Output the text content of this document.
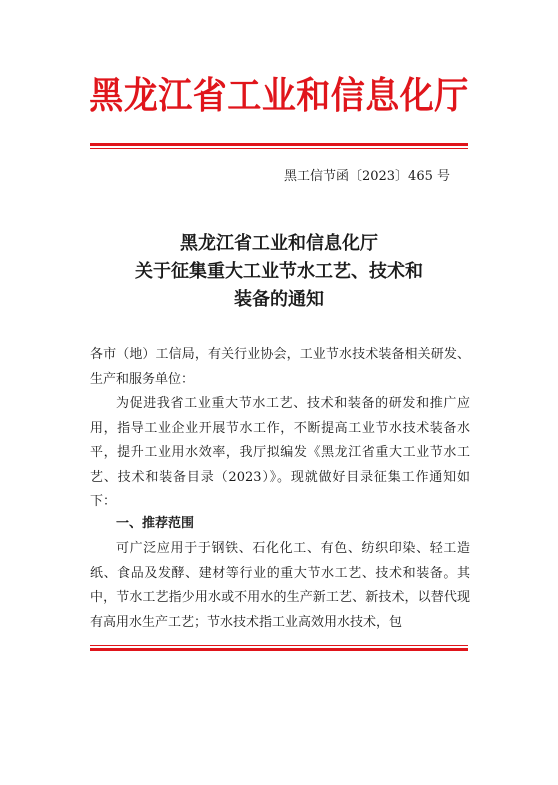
黑龙江省工业和信息化厅
黑工信节函〔2023〕465 号
黑龙江省工业和信息化厅
关于征集重大工业节水工艺、技术和
装备的通知
各市（地）工信局，有关行业协会，工业节水技术装备相关研发、生产和服务单位：
为促进我省工业重大节水工艺、技术和装备的研发和推广应用，指导工业企业开展节水工作，不断提高工业节水技术装备水平，提升工业用水效率，我厅拟编发《黑龙江省重大工业节水工艺、技术和装备目录（2023）》。现就做好目录征集工作通知如下：
一、推荐范围
可广泛应用于于钢铁、石化化工、有色、纺织印染、轻工造纸、食品及发酵、建材等行业的重大节水工艺、技术和装备。其中，节水工艺指少用水或不用水的生产新工艺、新技术，以替代现有高用水生产工艺；节水技术指工业高效用水技术，包
